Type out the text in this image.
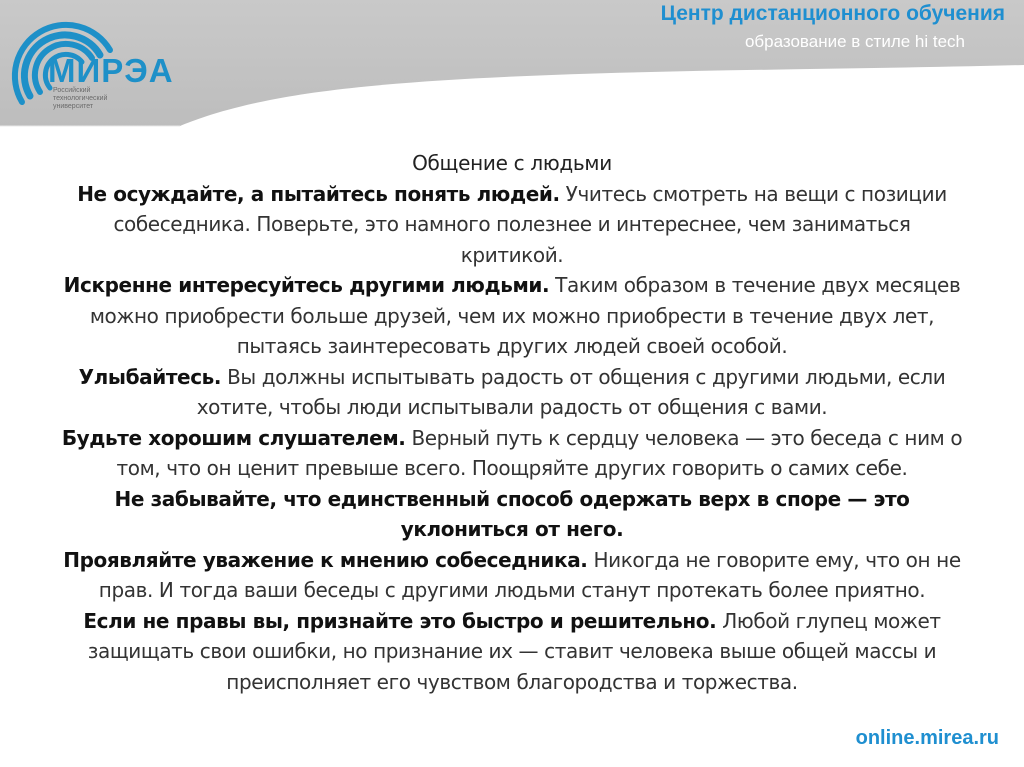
МИРЭА
Российский
технологический
университет
Центр дистанционного обучения
образование в стиле hi tech
Общение с людьми

Не осуждайте, а пытайтесь понять людей. Учитесь смотреть на вещи с позиции собеседника. Поверьте, это намного полезнее и интереснее, чем заниматься критикой.

Искренне интересуйтесь другими людьми. Таким образом в течение двух месяцев можно приобрести больше друзей, чем их можно приобрести в течение двух лет, пытаясь заинтересовать других людей своей особой.

Улыбайтесь. Вы должны испытывать радость от общения с другими людьми, если хотите, чтобы люди испытывали радость от общения с вами.

Будьте хорошим слушателем. Верный путь к сердцу человека — это беседа с ним о том, что он ценит превыше всего. Поощряйте других говорить о самих себе.

Не забывайте, что единственный способ одержать верх в споре — это уклониться от него.

Проявляйте уважение к мнению собеседника. Никогда не говорите ему, что он не прав. И тогда ваши беседы с другими людьми станут протекать более приятно.

Если не правы вы, признайте это быстро и решительно. Любой глупец может защищать свои ошибки, но признание их — ставит человека выше общей массы и преисполняет его чувством благородства и торжества.

online.mirea.ru
